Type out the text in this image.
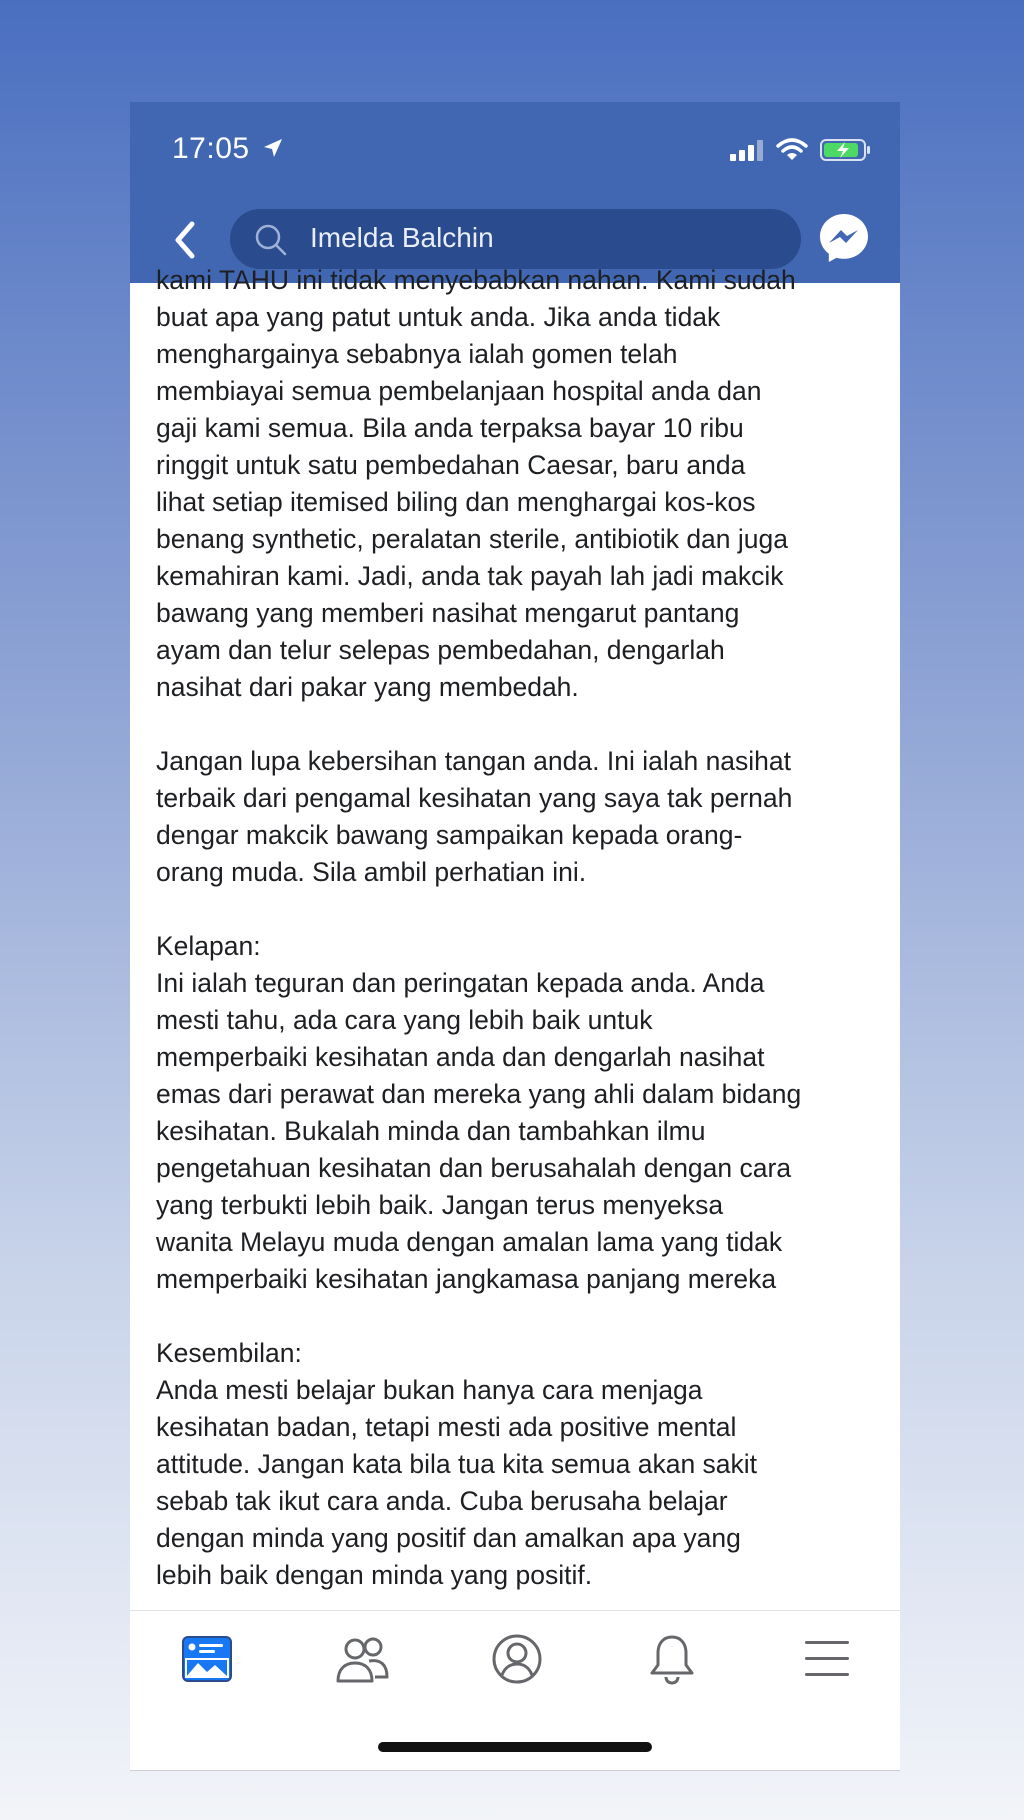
17:05
Imelda Balchin

kami TAHU ini tidak menyebabkan nahan. Kami sudah
buat apa yang patut untuk anda. Jika anda tidak
menghargainya sebabnya ialah gomen telah
membiayai semua pembelanjaan hospital anda dan
gaji kami semua. Bila anda terpaksa bayar 10 ribu
ringgit untuk satu pembedahan Caesar, baru anda
lihat setiap itemised biling dan menghargai kos-kos
benang synthetic, peralatan sterile, antibiotik dan juga
kemahiran kami. Jadi, anda tak payah lah jadi makcik
bawang yang memberi nasihat mengarut pantang
ayam dan telur selepas pembedahan, dengarlah
nasihat dari pakar yang membedah.

Jangan lupa kebersihan tangan anda. Ini ialah nasihat
terbaik dari pengamal kesihatan yang saya tak pernah
dengar makcik bawang sampaikan kepada orang-
orang muda. Sila ambil perhatian ini.

Kelapan:

Ini ialah teguran dan peringatan kepada anda. Anda
mesti tahu, ada cara yang lebih baik untuk
memperbaiki kesihatan anda dan dengarlah nasihat
emas dari perawat dan mereka yang ahli dalam bidang
kesihatan. Bukalah minda dan tambahkan ilmu
pengetahuan kesihatan dan berusahalah dengan cara
yang terbukti lebih baik. Jangan terus menyeksa
wanita Melayu muda dengan amalan lama yang tidak
memperbaiki kesihatan jangkamasa panjang mereka

Kesembilan:

Anda mesti belajar bukan hanya cara menjaga
kesihatan badan, tetapi mesti ada positive mental
attitude. Jangan kata bila tua kita semua akan sakit
sebab tak ikut cara anda. Cuba berusaha belajar
dengan minda yang positif dan amalkan apa yang
lebih baik dengan minda yang positif.
